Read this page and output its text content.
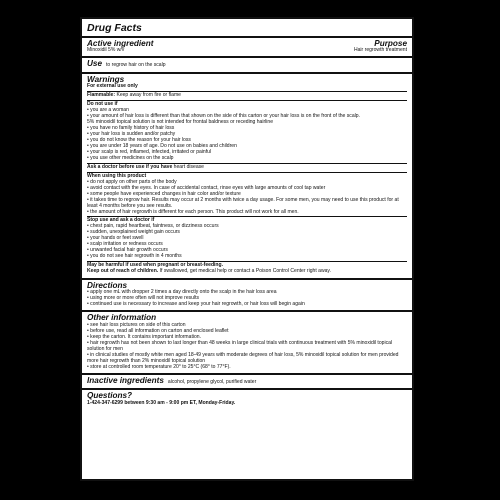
Drug Facts
Active ingredient	Purpose
Minoxidil 5% w/v	Hair regrowth treatment
Use to regrow hair on the scalp
Warnings

For external use only

Flammable: Keep away from fire or flame

Do not use if

• you are a woman

• your amount of hair loss is different than that shown on the side of this carton or your hair loss is on the front of the scalp.

5% minoxidil topical solution is not intended for frontal baldness or receding hairline

• you have no family history of hair loss

• your hair loss is sudden and/or patchy

• you do not know the reason for your hair loss

• you are under 18 years of age. Do not use on babies and children

• your scalp is red, inflamed, infected, irritated or painful

• you use other medicines on the scalp

Ask a doctor before use if you have heart disease

When using this product

• do not apply on other parts of the body

• avoid contact with the eyes. In case of accidental contact, rinse eyes with large amounts of cool tap water

• some people have experienced changes in hair color and/or texture

• it takes time to regrow hair. Results may occur at 2 months with twice a day usage. For some men, you may need to use this product for at least 4 months before you see results.

• the amount of hair regrowth is different for each person. This product will not work for all men.

Stop use and ask a doctor if

• chest pain, rapid heartbeat, faintness, or dizziness occurs

• sudden, unexplained weight gain occurs

• your hands or feet swell

• scalp irritation or redness occurs

• unwanted facial hair growth occurs

• you do not see hair regrowth in 4 months

May be harmful if used when pregnant or breast-feeding.

Keep out of reach of children. If swallowed, get medical help or contact a Poison Control Center right away.

Directions

• apply one mL with dropper 2 times a day directly onto the scalp in the hair loss area

• using more or more often will not improve results

• continued use is necessary to increase and keep your hair regrowth, or hair loss will begin again

Other information

• see hair loss pictures on side of this carton

• before use, read all information on carton and enclosed leaflet

• keep the carton. It contains important information.

• hair regrowth has not been shown to last longer than 48 weeks in large clinical trials with continuous treatment with 5% minoxidil topical solution for men

• in clinical studies of mostly white men aged 18-49 years with moderate degrees of hair loss, 5% minoxidil topical solution for men provided more hair regrowth than 2% minoxidil topical solution

• store at controlled room temperature 20° to 25°C (68° to 77°F).

Inactive ingredients alcohol, propylene glycol, purified water
Questions?

1-424-347-6299 between 9:30 am - 9:00 pm ET, Monday-Friday.
